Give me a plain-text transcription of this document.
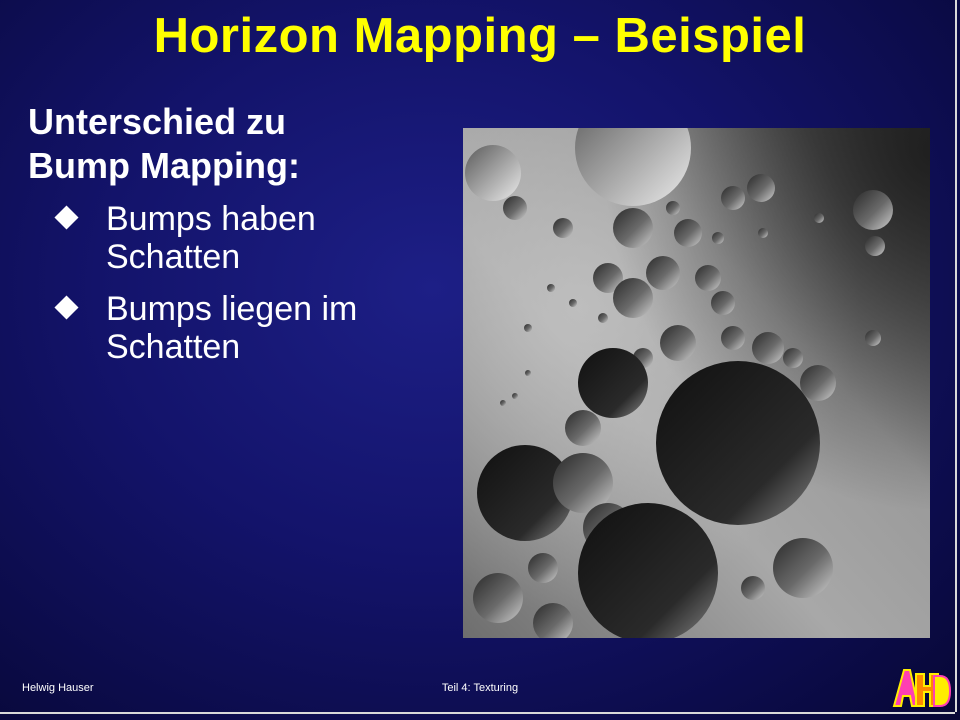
Horizon Mapping – Beispiel
Unterschied zu
Bump Mapping:
Bumps haben
Schatten
Bumps liegen im
Schatten
Helwig Hauser	Teil 4: Texturing
